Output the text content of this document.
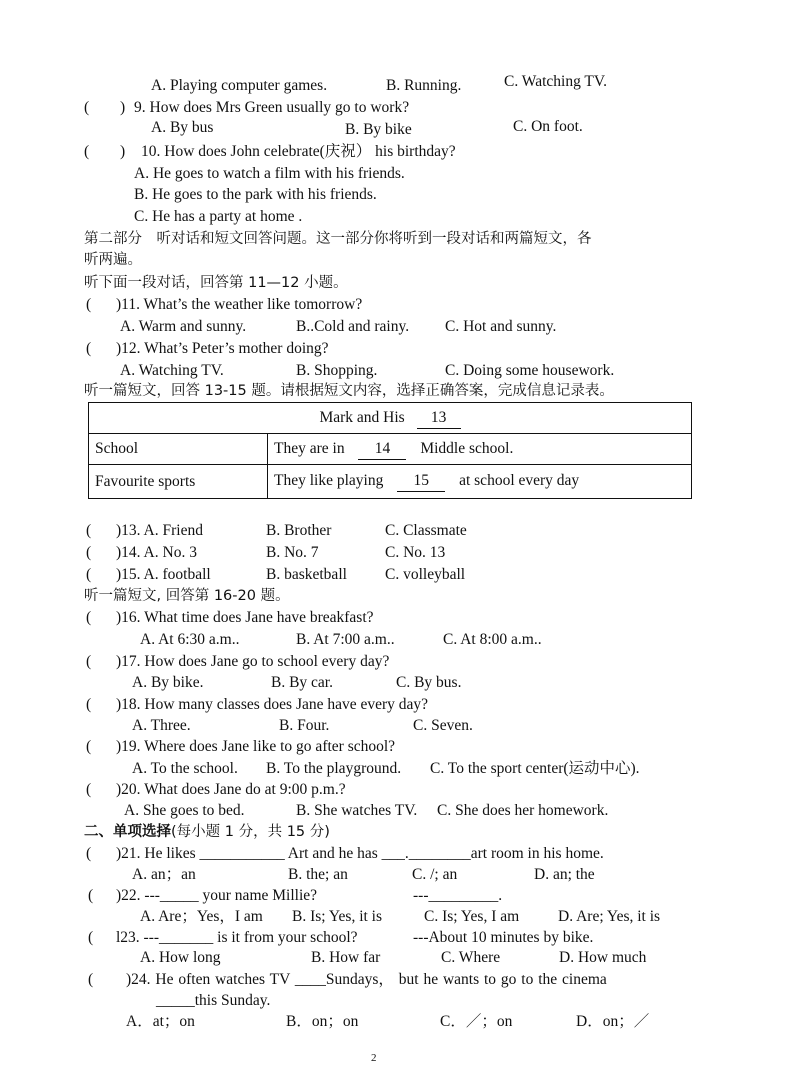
A. Playing computer games.	B. Running.	C. Watching TV.
( ) 9. How does Mrs Green usually go to work?
A. By bus	B. By bike	C. On foot.
( ) 10. How does John celebrate(庆祝） his birthday?
A. He goes to watch a film with his friends.
B. He goes to the park with his friends.
C. He has a party at home .
第二部分　听对话和短文回答问题。这一部分你将听到一段对话和两篇短文，各
听两遍。
听下面一段对话，回答第 11—12 小题。
( )11. What’s the weather like tomorrow?
A. Warm and sunny.	B..Cold and rainy. C. Hot and sunny.
( )12. What’s Peter’s mother doing?
A. Watching TV.	B. Shopping.	C. Doing some housework.
听一篇短文，回答 13-15 题。请根据短文内容，选择正确答案，完成信息记录表。
Mark and His 13	
School	They are in 14 Middle school.
Favourite sports	They like playing 15 at school every day
( )13. A. Friend	B. Brother	C. Classmate
( )14. A. No. 3	B. No. 7	C. No. 13
( )15. A. football	B. basketball C. volleyball
听一篇短文, 回答第 16-20 题。
( )16. What time does Jane have breakfast?
A. At 6:30 a.m..	B. At 7:00 a.m..	C. At 8:00 a.m..
( )17. How does Jane go to school every day?
A. By bike.	B. By car.	C. By bus.
( )18. How many classes does Jane have every day?
A. Three.	B. Four.	C. Seven.
( )19. Where does Jane like to go after school?
A. To the school. B. To the playground. C. To the sport center(运动中心).
( )20. What does Jane do at 9:00 p.m.?
A. She goes to bed.	B. She watches TV. C. She does her homework.
二、单项选择(每小题 1 分，共 15 分)
( )21. He likes ___________ Art and he has ___.________art room in his home.
A. an；an	B. the; an	C. /; an	D. an; the
( )22. ---_____ your name Millie?	---_________.
A. Are；Yes，I am B. Is; Yes, it is	C. Is; Yes, I am	D. Are; Yes, it is
( l23. ---_______ is it from your school?	---About 10 minutes by bike.
A. How long	B. How far	C. Where	D. How much
( )24. He often watches TV ____Sundays， but he wants to go to the cinema
_____this Sunday.
A．at；on	B．on；on	C．／；on	D．on；／
2
